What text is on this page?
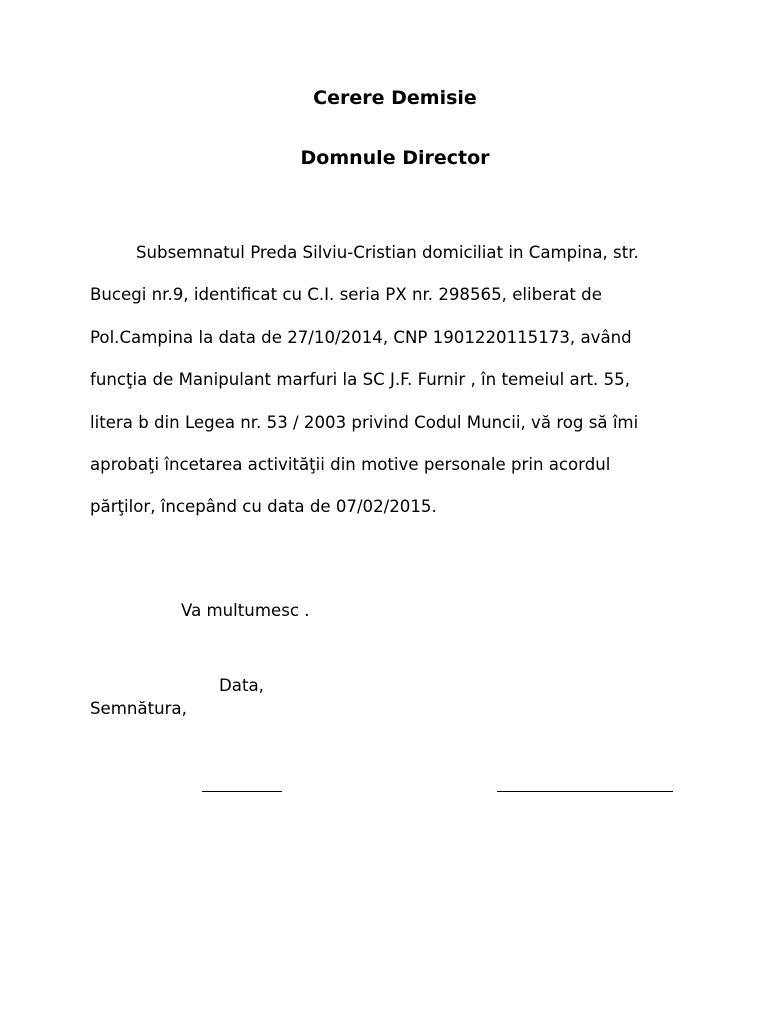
Cerere Demisie
Domnule Director

Subsemnatul Preda Silviu-Cristian domiciliat in Campina, str.
Bucegi nr.9, identificat cu C.I. seria PX nr. 298565, eliberat de
Pol.Campina la data de 27/10/2014, CNP 1901220115173, având
funcţia de Manipulant marfuri la SC J.F. Furnir , în temeiul art. 55,
litera b din Legea nr. 53 / 2003 privind Codul Muncii, vă rog să îmi
aprobaţi încetarea activităţii din motive personale prin acordul
părţilor, începând cu data de 07/02/2015.

Va multumesc .

Data,

Semnătura,
